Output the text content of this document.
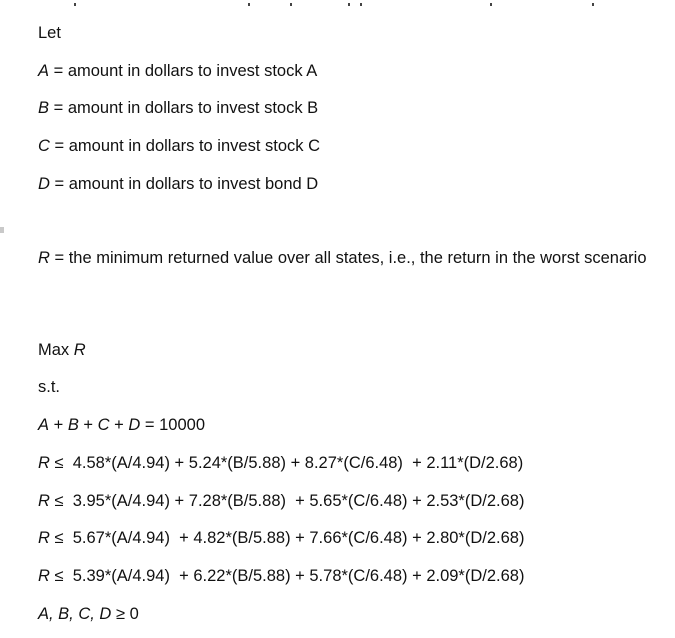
Let
A = amount in dollars to invest stock A
B = amount in dollars to invest stock B
C = amount in dollars to invest stock C
D = amount in dollars to invest bond D
R = the minimum returned value over all states, i.e., the return in the worst scenario
Max R
s.t.
A + B + C + D = 10000
R ≤  4.58*(A/4.94) + 5.24*(B/5.88) + 8.27*(C/6.48)  + 2.11*(D/2.68)
R ≤  3.95*(A/4.94) + 7.28*(B/5.88)  + 5.65*(C/6.48) + 2.53*(D/2.68)
R ≤  5.67*(A/4.94)  + 4.82*(B/5.88) + 7.66*(C/6.48) + 2.80*(D/2.68)
R ≤  5.39*(A/4.94)  + 6.22*(B/5.88) + 5.78*(C/6.48) + 2.09*(D/2.68)
A, B, C, D ≥ 0
